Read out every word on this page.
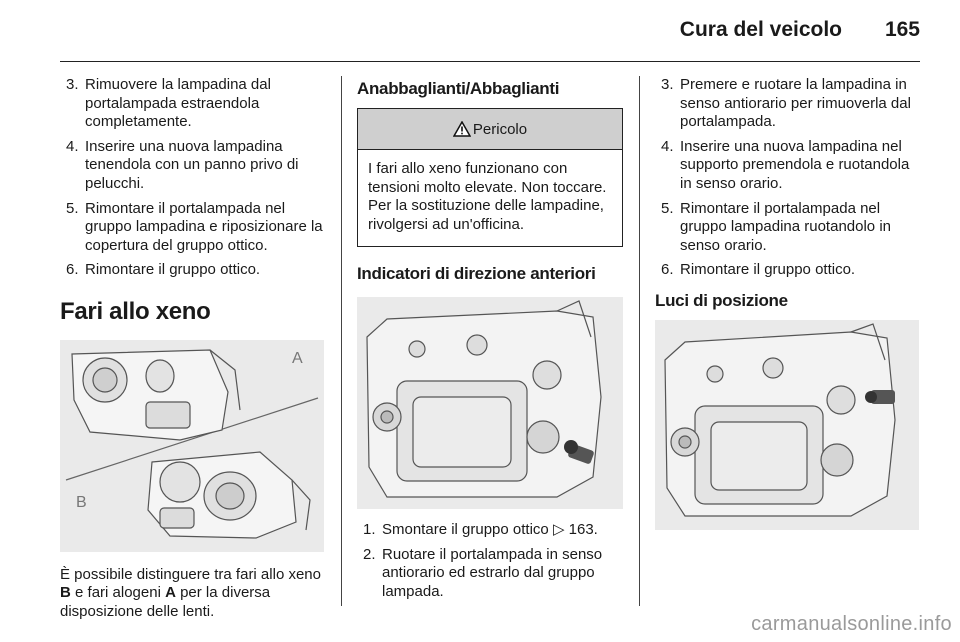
Cura del veicolo 165
3. Rimuovere la lampadina dal portalampada estraendola completamente.
4. Inserire una nuova lampadina tenendola con un panno privo di pelucchi.
5. Rimontare il portalampada nel gruppo lampadina e riposizionare la copertura del gruppo ottico.
6. Rimontare il gruppo ottico.
Fari allo xeno
A
B

È possibile distinguere tra fari allo xeno B e fari alogeni A per la diversa disposizione delle lenti.

Anabbaglianti/Abbaglianti
Pericolo
I fari allo xeno funzionano con tensioni molto elevate. Non toccare. Per la sostituzione delle lampadine, rivolgersi ad un'officina.
Indicatori di direzione anteriori
1. Smontare il gruppo ottico ▷ 163.
2. Ruotare il portalampada in senso antiorario ed estrarlo dal gruppo lampada.
3. Premere e ruotare la lampadina in senso antiorario per rimuoverla dal portalampada.
4. Inserire una nuova lampadina nel supporto premendola e ruotandola in senso orario.
5. Rimontare il portalampada nel gruppo lampadina ruotandolo in senso orario.
6. Rimontare il gruppo ottico.
Luci di posizione
carmanualsonline.info
